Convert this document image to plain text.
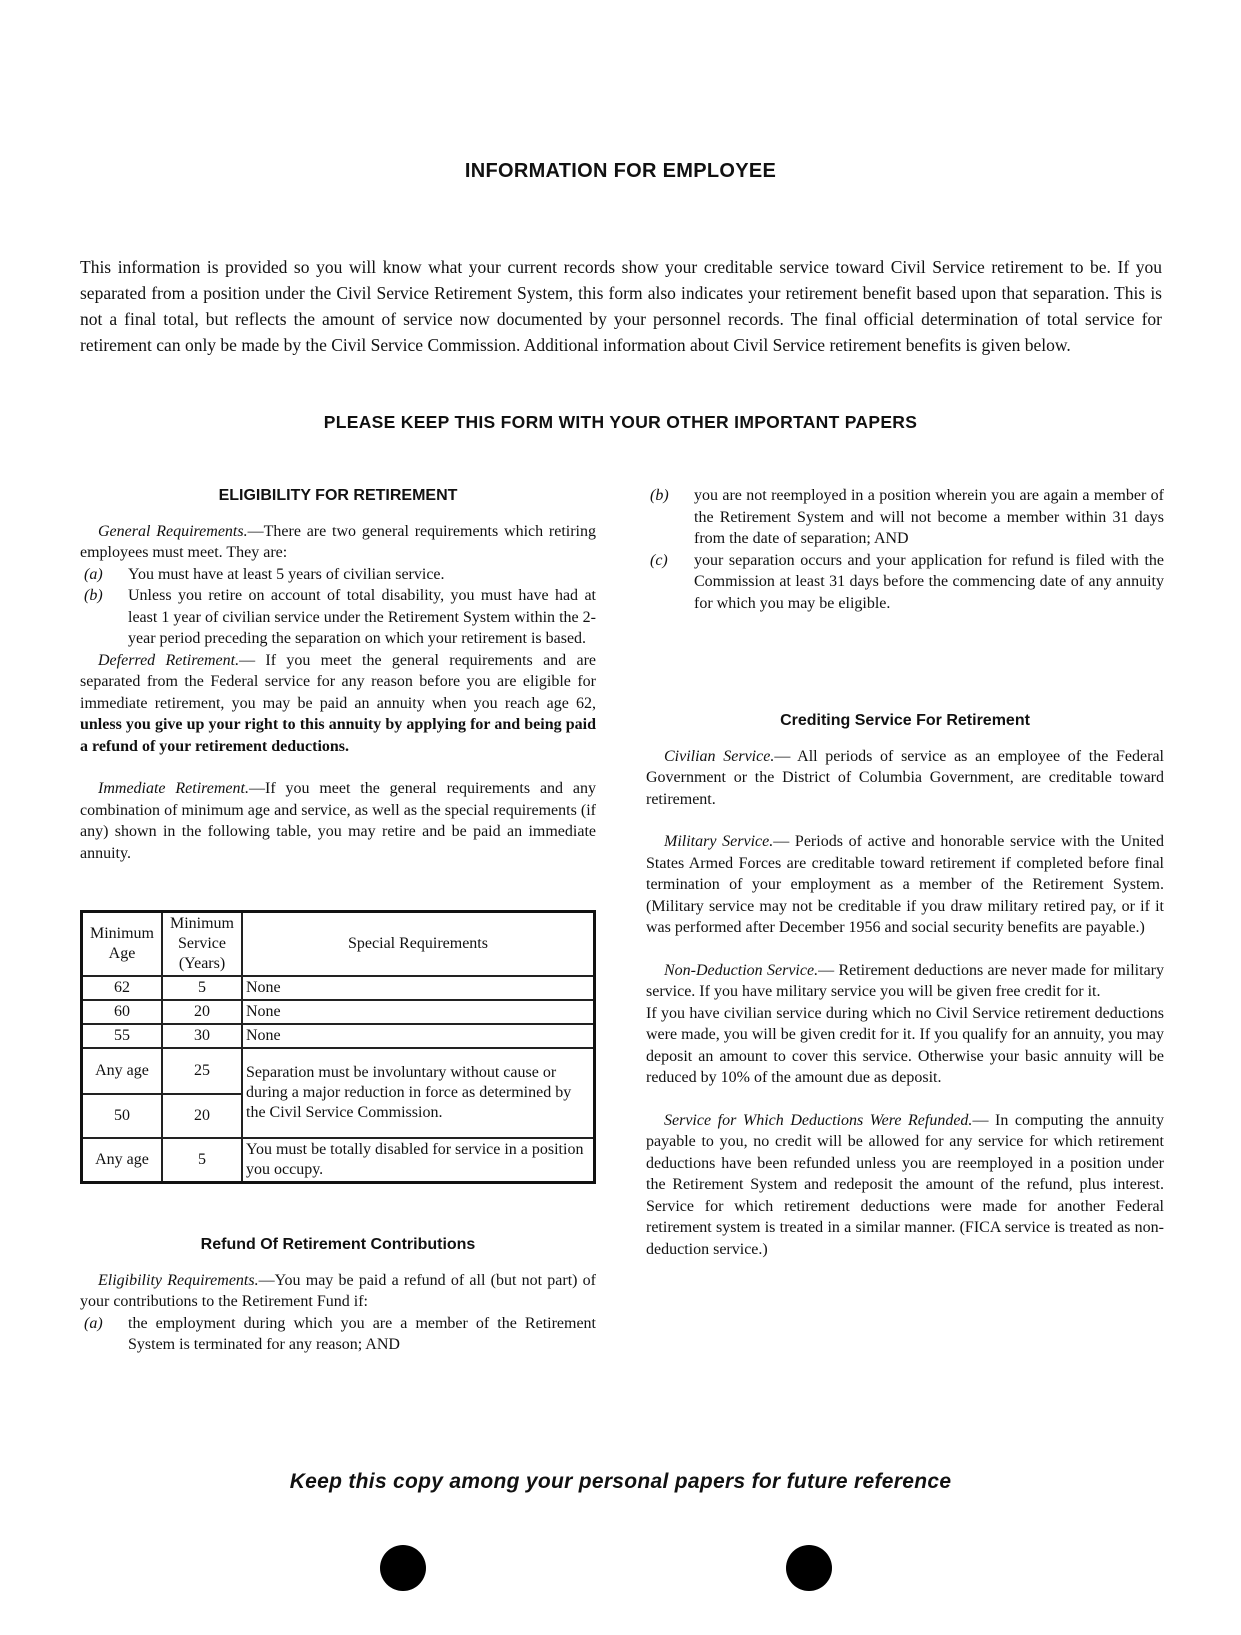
INFORMATION FOR EMPLOYEE

This information is provided so you will know what your current records show your creditable service toward Civil Service retirement to be. If you separated from a position under the Civil Service Retirement System, this form also indicates your retirement benefit based upon that separation. This is not a final total, but reflects the amount of service now documented by your personnel records. The final official determination of total service for retirement can only be made by the Civil Service Commission. Additional information about Civil Service retirement benefits is given below.

PLEASE KEEP THIS FORM WITH YOUR OTHER IMPORTANT PAPERS
ELIGIBILITY FOR RETIREMENT

General Requirements.—There are two general requirements which retiring employees must meet. They are:

(a) You must have at least 5 years of civilian service.
(b) Unless you retire on account of total disability, you must have had at least 1 year of civilian service under the Retirement System within the 2-year period preceding the separation on which your retirement is based.

Deferred Retirement.— If you meet the general requirements and are separated from the Federal service for any reason before you are eligible for immediate retirement, you may be paid an annuity when you reach age 62, unless you give up your right to this annuity by applying for and being paid a refund of your retirement deductions.

Immediate Retirement.—If you meet the general requirements and any combination of minimum age and service, as well as the special requirements (if any) shown in the following table, you may retire and be paid an immediate annuity.

Minimum Age	Minimum Service (Years)	Special Requirements
62	5	None
60	20	None
55	30	None
Any age	25	Separation must be involuntary without cause or during a major reduction in force as determined by the Civil Service Commission.
50	20	
Any age	5	You must be totally disabled for service in a position you occupy.
Refund Of Retirement Contributions

Eligibility Requirements.—You may be paid a refund of all (but not part) of your contributions to the Retirement Fund if:

(a) the employment during which you are a member of the Retirement System is terminated for any reason; AND
(b) you are not reemployed in a position wherein you are again a member of the Retirement System and will not become a member within 31 days from the date of separation; AND
(c) your separation occurs and your application for refund is filed with the Commission at least 31 days before the commencing date of any annuity for which you may be eligible.
Crediting Service For Retirement

Civilian Service.— All periods of service as an employee of the Federal Government or the District of Columbia Government, are creditable toward retirement.

Military Service.— Periods of active and honorable service with the United States Armed Forces are creditable toward retirement if completed before final termination of your employment as a member of the Retirement System. (Military service may not be creditable if you draw military retired pay, or if it was performed after December 1956 and social security benefits are payable.)

Non-Deduction Service.— Retirement deductions are never made for military service. If you have military service you will be given free credit for it.

If you have civilian service during which no Civil Service retirement deductions were made, you will be given credit for it. If you qualify for an annuity, you may deposit an amount to cover this service. Otherwise your basic annuity will be reduced by 10% of the amount due as deposit.

Service for Which Deductions Were Refunded.— In computing the annuity payable to you, no credit will be allowed for any service for which retirement deductions have been refunded unless you are reemployed in a position under the Retirement System and redeposit the amount of the refund, plus interest. Service for which retirement deductions were made for another Federal retirement system is treated in a similar manner. (FICA service is treated as non-deduction service.)

Keep this copy among your personal papers for future reference
